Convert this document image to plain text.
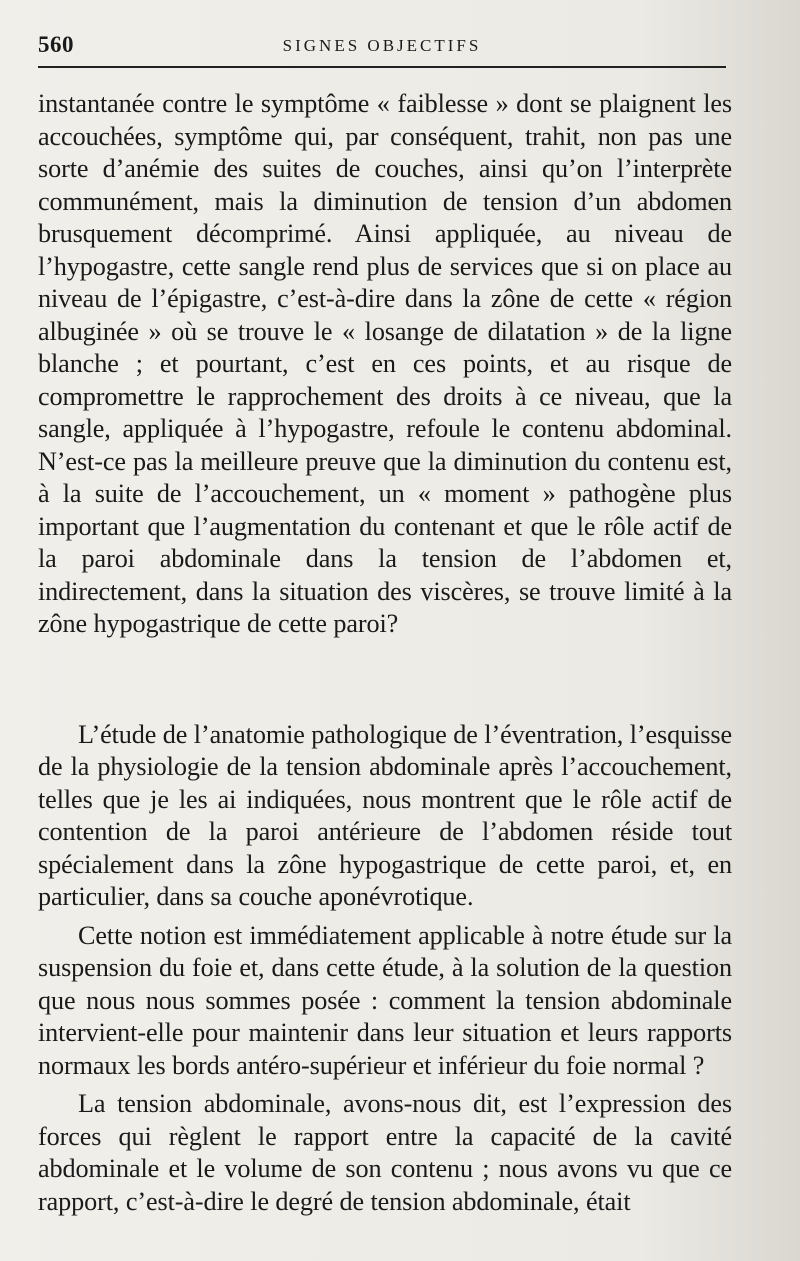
560	SIGNES OBJECTIFS

instantanée contre le symptôme « faiblesse » dont se plaignent les accouchées, symptôme qui, par conséquent, trahit, non pas une sorte d’anémie des suites de couches, ainsi qu’on l’interprète communément, mais la diminution de tension d’un abdomen brusquement décomprimé. Ainsi appliquée, au niveau de l’hypogastre, cette sangle rend plus de services que si on place au niveau de l’épigastre, c’est-à-dire dans la zône de cette « région albuginée » où se trouve le « losange de dilatation » de la ligne blanche ; et pourtant, c’est en ces points, et au risque de compromettre le rapprochement des droits à ce niveau, que la sangle, appliquée à l’hypogastre, refoule le contenu abdominal. N’est-ce pas la meilleure preuve que la diminution du contenu est, à la suite de l’accouchement, un « moment » pathogène plus important que l’augmentation du contenant et que le rôle actif de la paroi abdominale dans la tension de l’abdomen et, indirectement, dans la situation des viscères, se trouve limité à la zône hypogastrique de cette paroi?

L’étude de l’anatomie pathologique de l’éventration, l’esquisse de la physiologie de la tension abdominale après l’accouchement, telles que je les ai indiquées, nous montrent que le rôle actif de contention de la paroi antérieure de l’abdomen réside tout spécialement dans la zône hypogastrique de cette paroi, et, en particulier, dans sa couche aponévrotique.

Cette notion est immédiatement applicable à notre étude sur la suspension du foie et, dans cette étude, à la solution de la question que nous nous sommes posée : comment la tension abdominale intervient-elle pour maintenir dans leur situation et leurs rapports normaux les bords antéro-supérieur et inférieur du foie normal ?

La tension abdominale, avons-nous dit, est l’expression des forces qui règlent le rapport entre la capacité de la cavité abdominale et le volume de son contenu ; nous avons vu que ce rapport, c’est-à-dire le degré de tension abdominale, était
